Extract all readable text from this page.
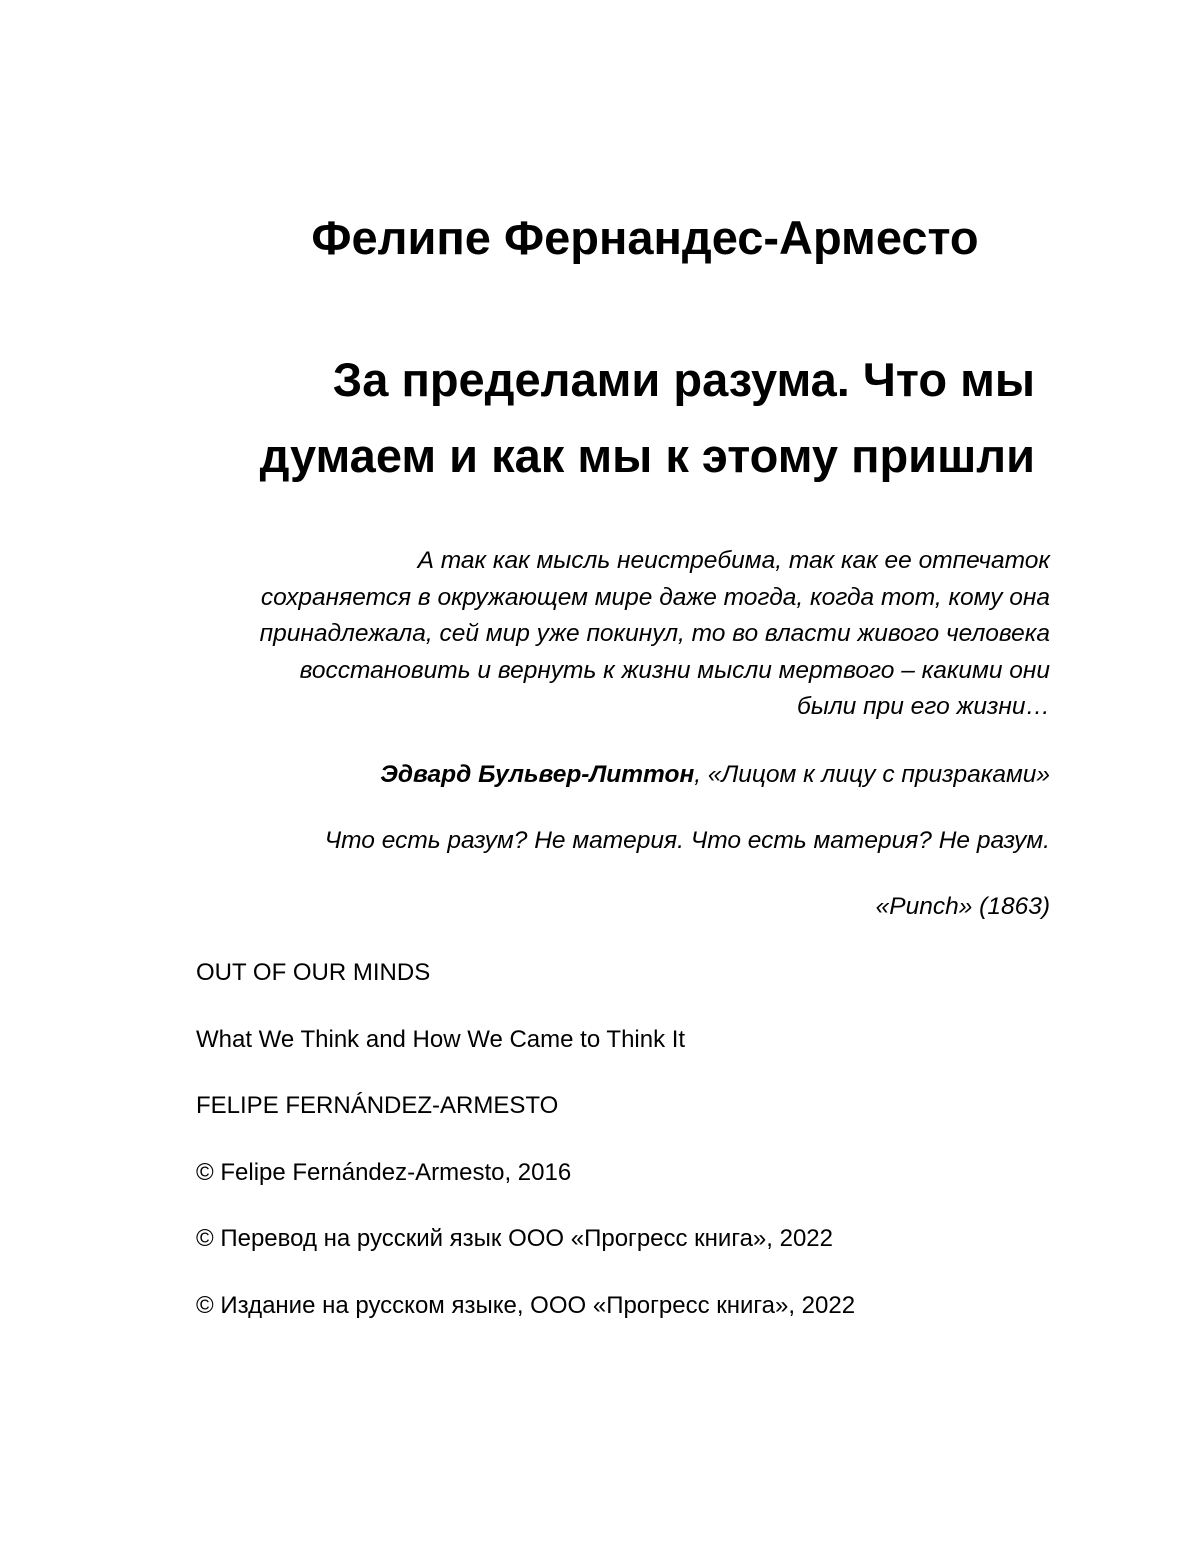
Фелипе Фернандес-Арместо
За пределами разума. Что мы
думаем и как мы к этому пришли
А так как мысль неистребима, так как ее отпечаток
сохраняется в окружающем мире даже тогда, когда тот, кому она
принадлежала, сей мир уже покинул, то во власти живого человека
восстановить и вернуть к жизни мысли мертвого – какими они
были при его жизни…
Эдвард Бульвер-Литтон, «Лицом к лицу с призраками»
Что есть разум? Не материя. Что есть материя? Не разум.
«Punch» (1863)

OUT OF OUR MINDS

What We Think and How We Came to Think It

FELIPE FERNÁNDEZ-ARMESTO

© Felipe Fernández-Armesto, 2016

© Перевод на русский язык ООО «Прогресс книга», 2022

© Издание на русском языке, ООО «Прогресс книга», 2022
